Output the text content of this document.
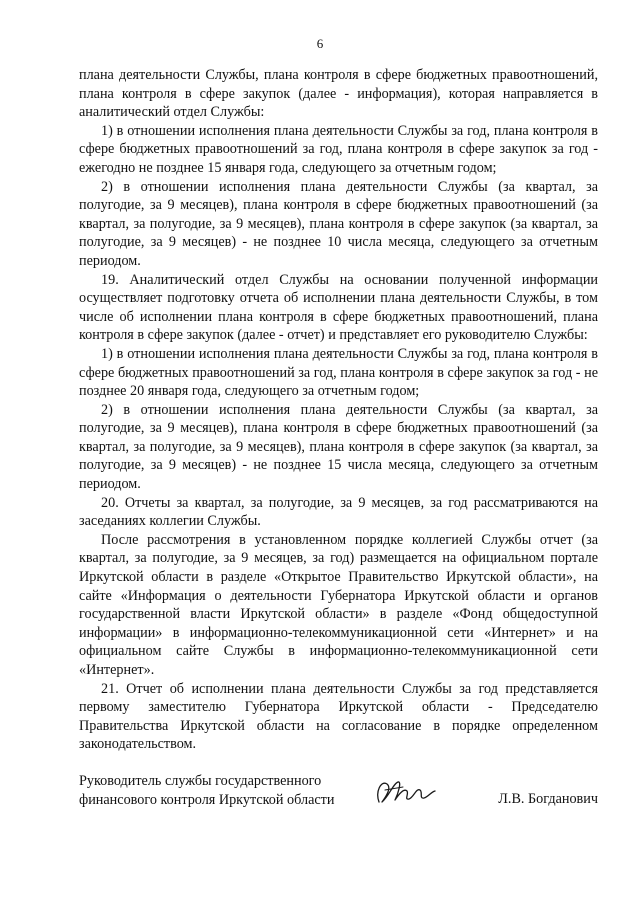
6

плана деятельности Службы, плана контроля в сфере бюджетных правоотношений, плана контроля в сфере закупок (далее - информация), которая направляется в аналитический отдел Службы:

1) в отношении исполнения плана деятельности Службы за год, плана контроля в сфере бюджетных правоотношений за год, плана контроля в сфере закупок за год - ежегодно не позднее 15 января года, следующего за отчетным годом;

2) в отношении исполнения плана деятельности Службы (за квартал, за полугодие, за 9 месяцев), плана контроля в сфере бюджетных правоотношений (за квартал, за полугодие, за 9 месяцев), плана контроля в сфере закупок (за квартал, за полугодие, за 9 месяцев) - не позднее 10 числа месяца, следующего за отчетным периодом.

19. Аналитический отдел Службы на основании полученной информации осуществляет подготовку отчета об исполнении плана деятельности Службы, в том числе об исполнении плана контроля в сфере бюджетных правоотношений, плана контроля в сфере закупок (далее - отчет) и представляет его руководителю Службы:

1) в отношении исполнения плана деятельности Службы за год, плана контроля в сфере бюджетных правоотношений за год, плана контроля в сфере закупок за год - не позднее 20 января года, следующего за отчетным годом;

2) в отношении исполнения плана деятельности Службы (за квартал, за полугодие, за 9 месяцев), плана контроля в сфере бюджетных правоотношений (за квартал, за полугодие, за 9 месяцев), плана контроля в сфере закупок (за квартал, за полугодие, за 9 месяцев) - не позднее 15 числа месяца, следующего за отчетным периодом.

20. Отчеты за квартал, за полугодие, за 9 месяцев, за год рассматриваются на заседаниях коллегии Службы.

После рассмотрения в установленном порядке коллегией Службы отчет (за квартал, за полугодие, за 9 месяцев, за год) размещается на официальном портале Иркутской области в разделе «Открытое Правительство Иркутской области», на сайте «Информация о деятельности Губернатора Иркутской области и органов государственной власти Иркутской области» в разделе «Фонд общедоступной информации» в информационно-телекоммуникационной сети «Интернет» и на официальном сайте Службы в информационно-телекоммуникационной сети «Интернет».

21. Отчет об исполнении плана деятельности Службы за год представляется первому заместителю Губернатора Иркутской области - Председателю Правительства Иркутской области на согласование в порядке определенном законодательством.

Руководитель службы государственного
финансового контроля Иркутской области	Л.В. Богданович
